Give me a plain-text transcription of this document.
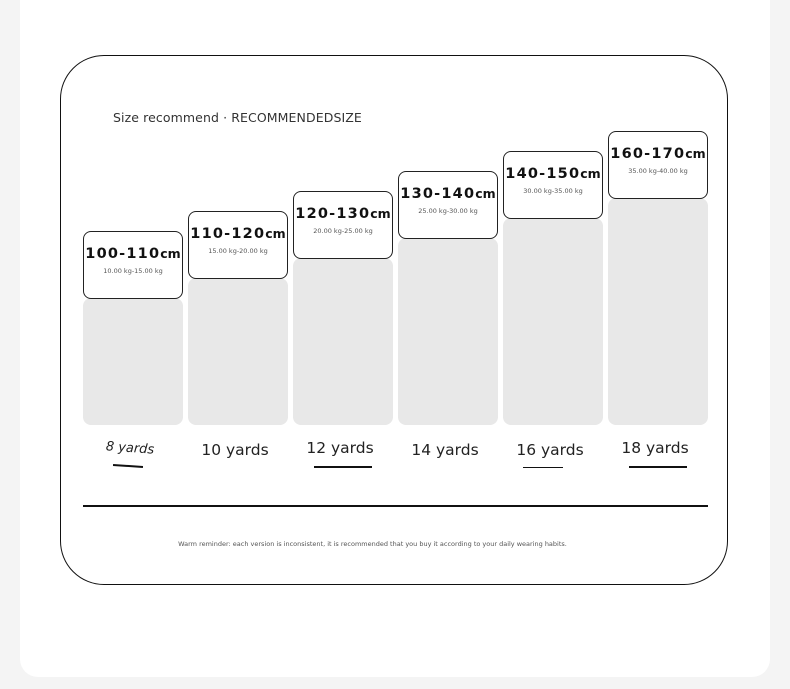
Size recommend · RECOMMENDEDSIZE
100-110cm
10.00 kg-15.00 kg
8 yards
110-120cm
15.00 kg-20.00 kg
10 yards
120-130cm
20.00 kg-25.00 kg
12 yards
130-140cm
25.00 kg-30.00 kg
14 yards
140-150cm
30.00 kg-35.00 kg
16 yards
160-170cm
35.00 kg-40.00 kg
18 yards
Warm reminder: each version is inconsistent, it is recommended that you buy it according to your daily wearing habits.
